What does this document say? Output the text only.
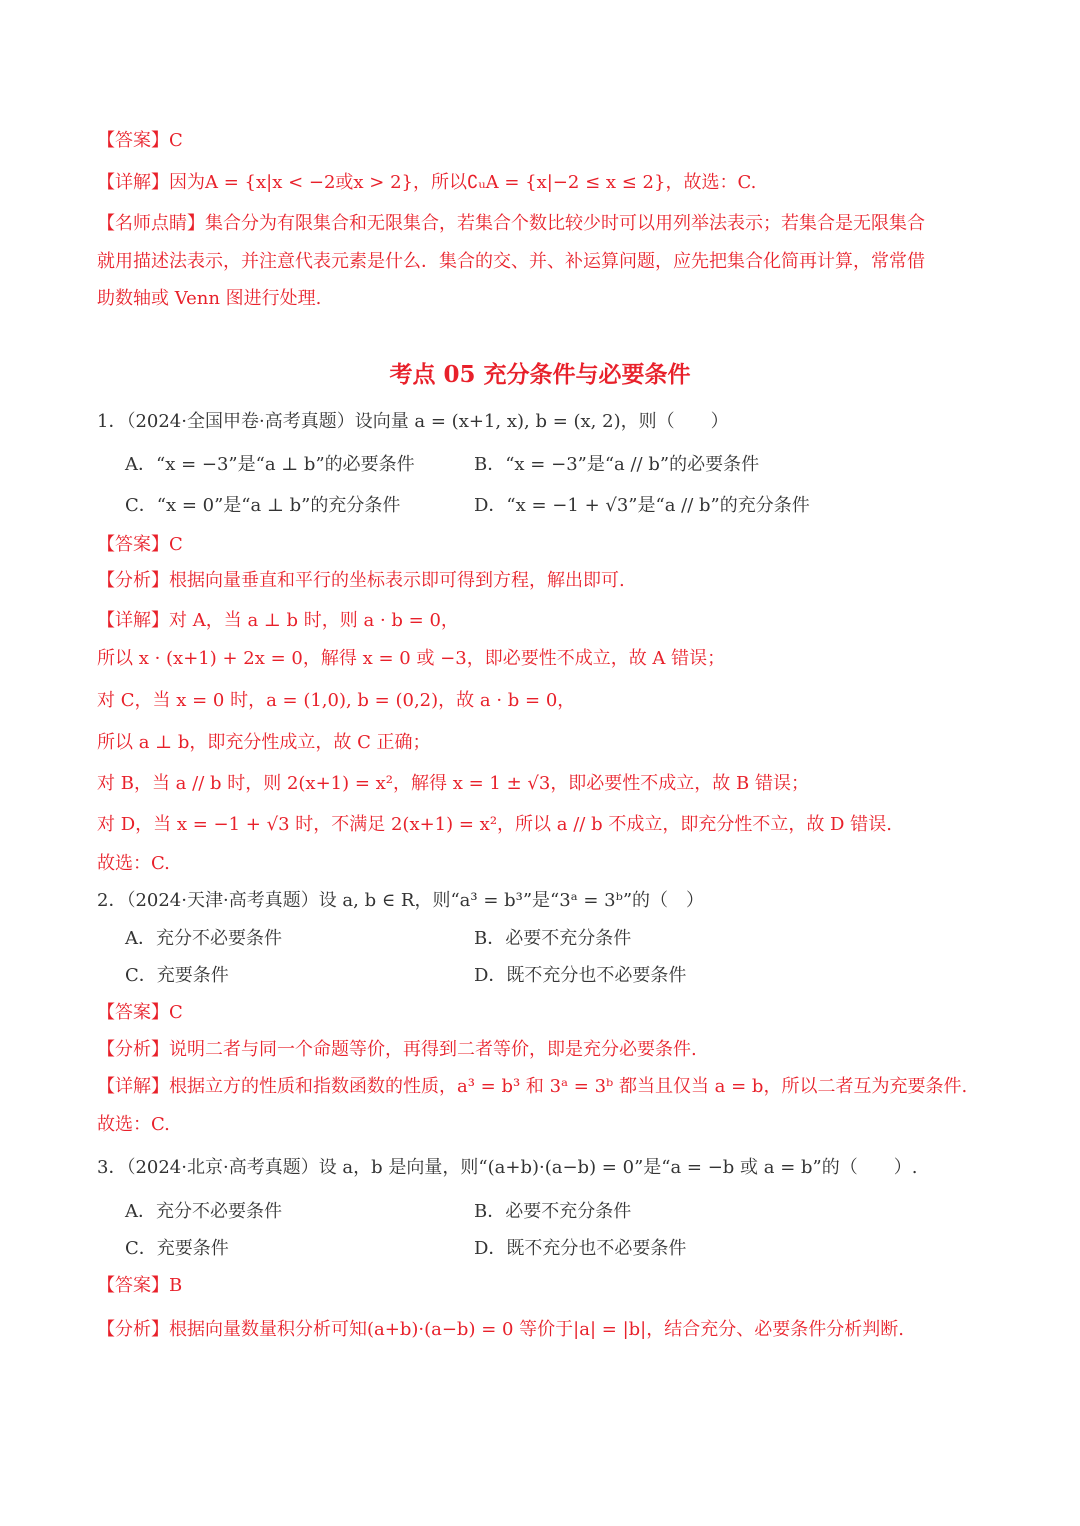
【答案】C
【详解】因为A = {x|x < −2或x > 2}，所以∁ᵤA = {x|−2 ≤ x ≤ 2}，故选：C.
【名师点睛】集合分为有限集合和无限集合，若集合个数比较少时可以用列举法表示；若集合是无限集合
就用描述法表示，并注意代表元素是什么．集合的交、并、补运算问题，应先把集合化简再计算，常常借
助数轴或 Venn 图进行处理.
考点 05 充分条件与必要条件
1．（2024·全国甲卷·高考真题）设向量 a = (x+1, x), b = (x, 2)，则（　　）
A．“x = −3”是“a ⊥ b”的必要条件	B．“x = −3”是“a // b”的必要条件
C．“x = 0”是“a ⊥ b”的充分条件	D．“x = −1 + √3”是“a // b”的充分条件
【答案】C
【分析】根据向量垂直和平行的坐标表示即可得到方程，解出即可.
【详解】对 A，当 a ⊥ b 时，则 a · b = 0，
所以 x · (x+1) + 2x = 0，解得 x = 0 或 −3，即必要性不成立，故 A 错误；
对 C，当 x = 0 时，a = (1,0), b = (0,2)，故 a · b = 0，
所以 a ⊥ b，即充分性成立，故 C 正确；
对 B，当 a // b 时，则 2(x+1) = x²，解得 x = 1 ± √3，即必要性不成立，故 B 错误；
对 D，当 x = −1 + √3 时，不满足 2(x+1) = x²，所以 a // b 不成立，即充分性不立，故 D 错误.
故选：C.
2．（2024·天津·高考真题）设 a, b ∈ R，则“a³ = b³”是“3ᵃ = 3ᵇ”的（　）
A．充分不必要条件	B．必要不充分条件
C．充要条件	D．既不充分也不必要条件
【答案】C
【分析】说明二者与同一个命题等价，再得到二者等价，即是充分必要条件.
【详解】根据立方的性质和指数函数的性质，a³ = b³ 和 3ᵃ = 3ᵇ 都当且仅当 a = b，所以二者互为充要条件.
故选：C.
3．（2024·北京·高考真题）设 a，b 是向量，则“(a+b)·(a−b) = 0”是“a = −b 或 a = b”的（　　）.
A．充分不必要条件	B．必要不充分条件
C．充要条件	D．既不充分也不必要条件
【答案】B
【分析】根据向量数量积分析可知(a+b)·(a−b) = 0 等价于|a| = |b|，结合充分、必要条件分析判断.
